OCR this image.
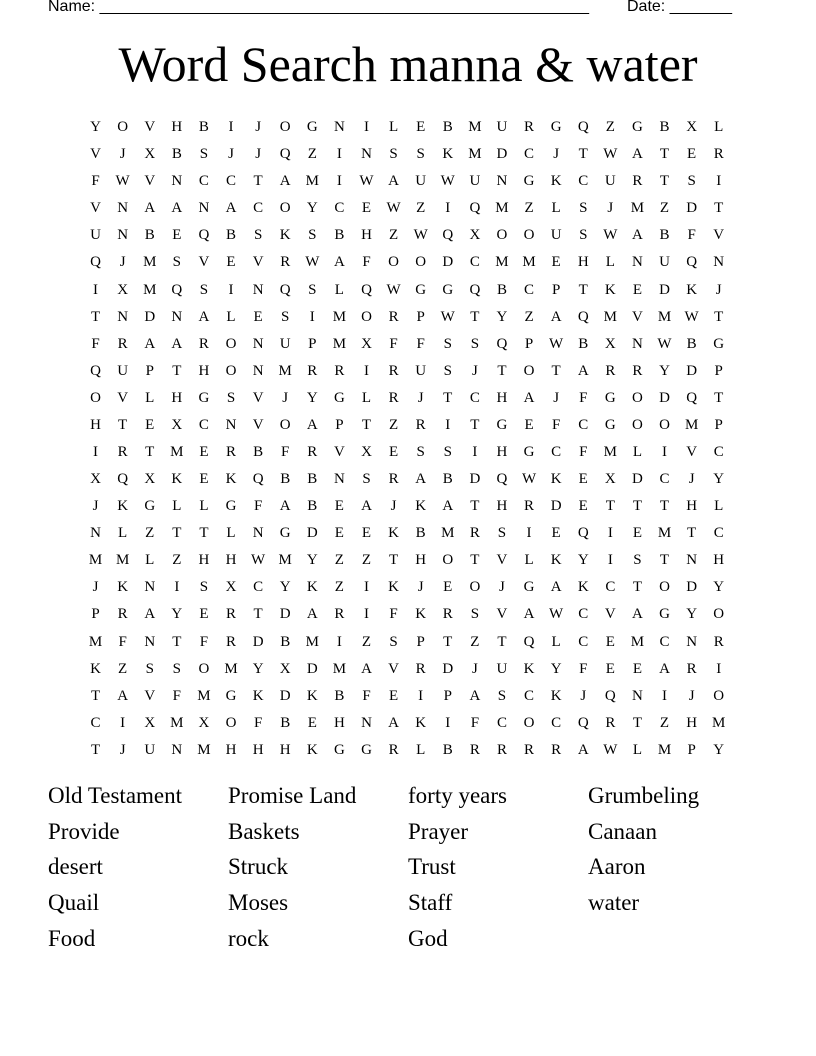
Name: _______________________________________________________ Date: _______
Word Search manna & water
Y	O	V	H	B	I	J	O	G	N	I	L	E	B	M	U	R	G	Q	Z	G	B	X	L
V	J	X	B	S	J	J	Q	Z	I	N	S	S	K	M	D	C	J	T	W A	T	E	R
F	W V	N	C	C	T	A	M	I	W A	U W U	N	G	K	C	U	R	T	S	I
V	N	A	A	N	A	C	O	Y	C	E	W	Z	I	Q	M	Z	L	S	J	M	Z	D	T
U	N	B	E	Q	B	S	K	S	B	H	Z	W Q	X	O	O	U	S	W A	B	F	V
Q	J	M	S	V	E	V	R	W A	F	O	O	D	C	M M	E	H	L	N	U	Q	N
I	X	M	Q	S	I	N	Q	S	L	Q W G	G	Q	B	C	P	T	K	E	D	K	J
T	N	D	N	A	L	E	S	I	M	O	R	P	W	T	Y	Z	A	Q	M	V	M W	T
F	R	A	A	R	O	N	U	P	M	X	F	F	S	S	Q	P	W	B	X	N W	B	G
Q	U	P	T	H	O	N	M	R	R	I	R	U	S	J	T	O	T	A	R	R	Y	D	P
O	V	L	H	G	S	V	J	Y	G	L	R	J	T	C	H	A	J	F	G	O	D	Q	T
H	T	E	X	C	N	V	O	A	P	T	Z	R	I	T	G	E	F	C	G	O	O	M	P
I	R	T	M	E	R	B	F	R	V	X	E	S	S	I	H	G	C	F	M	L	I	V	C
X	Q	X	K	E	K	Q	B	B	N	S	R	A	B	D	Q W K	E	X	D	C	J	Y
J	K	G	L	L	G	F	A	B	E	A	J	K	A	T	H	R	D	E	T	T	T	H	L
N	L	Z	T	T	L	N	G	D	E	E	K	B	M	R	S	I	E	Q	I	E	M	T	C
M M	L	Z	H	H W M	Y	Z	Z	T	H	O	T	V	L	K	Y	I	S	T	N	H
J	K	N	I	S	X	C	Y	K	Z	I	K	J	E	O	J	G	A	K	C	T	O	D	Y
P	R	A	Y	E	R	T	D	A	R	I	F	K	R	S	V	A W	C	V	A	G	Y	O
M	F	N	T	F	R	D	B	M	I	Z	S	P	T	Z	T	Q	L	C	E	M	C	N	R
K	Z	S	S	O	M	Y	X	D	M	A	V	R	D	J	U	K	Y	F	E	E	A	R	I
T	A	V	F	M	G	K	D	K	B	F	E	I	P	A	S	C	K	J	Q	N	I	J	O
C	I	X	M	X	O	F	B	E	H	N	A	K	I	F	C	O	C	Q	R	T	Z	H	M
T	J	U	N	M	H	H	H	K	G	G	R	L	B	R	R	R	R	A W	L	M	P	Y
Old Testament	Promise Land	forty years	Grumbeling
Provide	Baskets	Prayer	Canaan
desert	Struck	Trust	Aaron
Quail	Moses	Staff	water
Food	rock	God
